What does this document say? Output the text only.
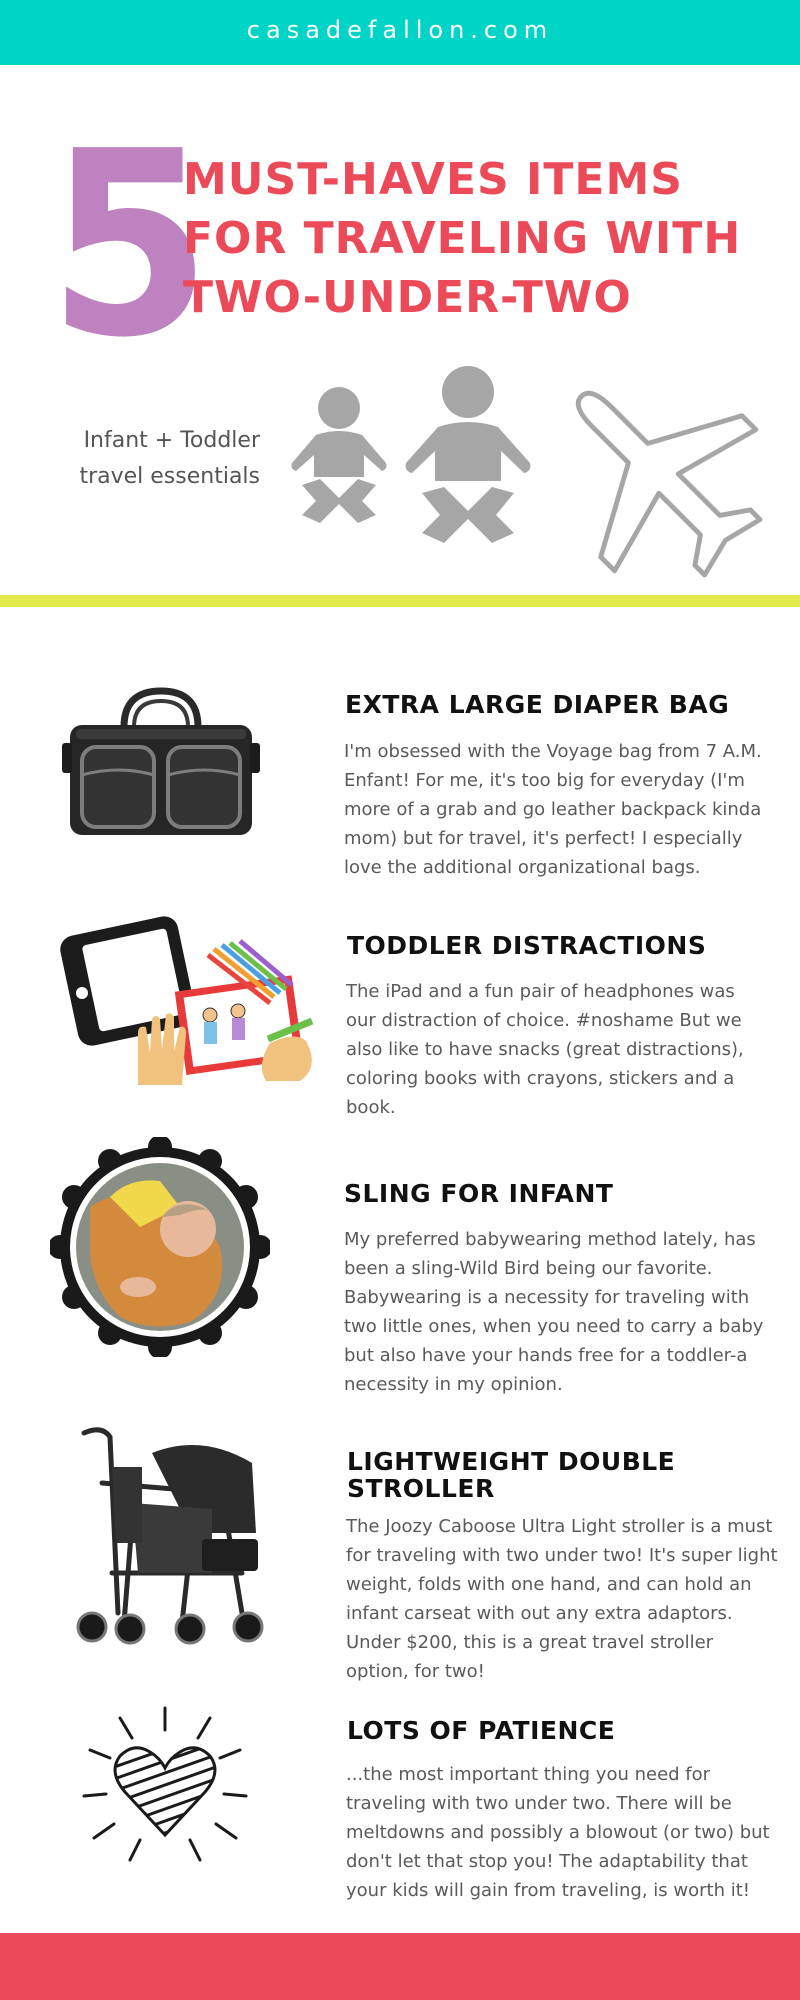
casadefallon.com
5
MUST-HAVES ITEMS
FOR TRAVELING WITH
TWO-UNDER-TWO
Infant + Toddler
travel essentials
EXTRA LARGE DIAPER BAG
I'm obsessed with the Voyage bag from 7 A.M.
Enfant! For me, it's too big for everyday (I'm
more of a grab and go leather backpack kinda
mom) but for travel, it's perfect! I especially
love the additional organizational bags.
TODDLER DISTRACTIONS
The iPad and a fun pair of headphones was
our distraction of choice. #noshame But we
also like to have snacks (great distractions),
coloring books with crayons, stickers and a
book.
SLING FOR INFANT
My preferred babywearing method lately, has
been a sling-Wild Bird being our favorite.
Babywearing is a necessity for traveling with
two little ones, when you need to carry a baby
but also have your hands free for a toddler-a
necessity in my opinion.
LIGHTWEIGHT DOUBLE
STROLLER
The Joozy Caboose Ultra Light stroller is a must
for traveling with two under two! It's super light
weight, folds with one hand, and can hold an
infant carseat with out any extra adaptors.
Under $200, this is a great travel stroller
option, for two!
LOTS OF PATIENCE
...the most important thing you need for
traveling with two under two. There will be
meltdowns and possibly a blowout (or two) but
don't let that stop you! The adaptability that
your kids will gain from traveling, is worth it!
